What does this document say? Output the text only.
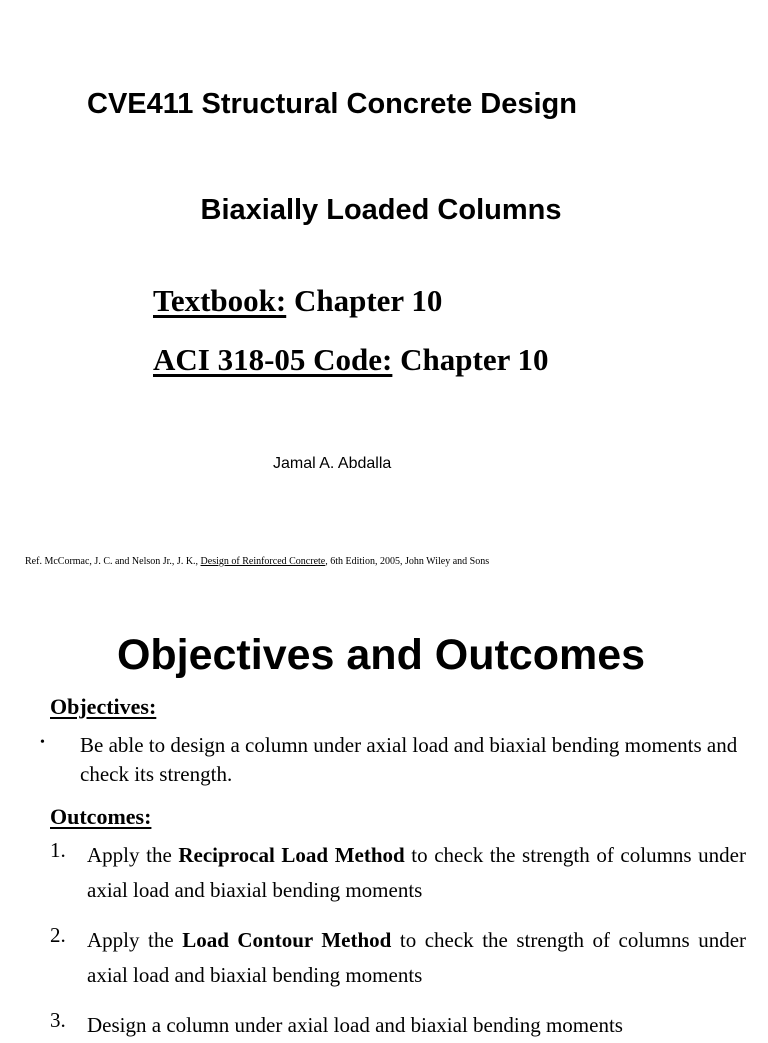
CVE411 Structural Concrete Design
Biaxially Loaded Columns
Textbook: Chapter 10
ACI 318-05 Code: Chapter 10
Jamal A. Abdalla
Ref. McCormac, J. C. and Nelson Jr., J. K., Design of Reinforced Concrete, 6th Edition, 2005, John Wiley and Sons
Objectives and Outcomes
Objectives:
• Be able to design a column under axial load and biaxial bending moments and check its strength.
Outcomes:
1. Apply the Reciprocal Load Method to check the strength of columns under axial load and biaxial bending moments
2. Apply the Load Contour Method to check the strength of columns under axial load and biaxial bending moments
3. Design a column under axial load and biaxial bending moments
